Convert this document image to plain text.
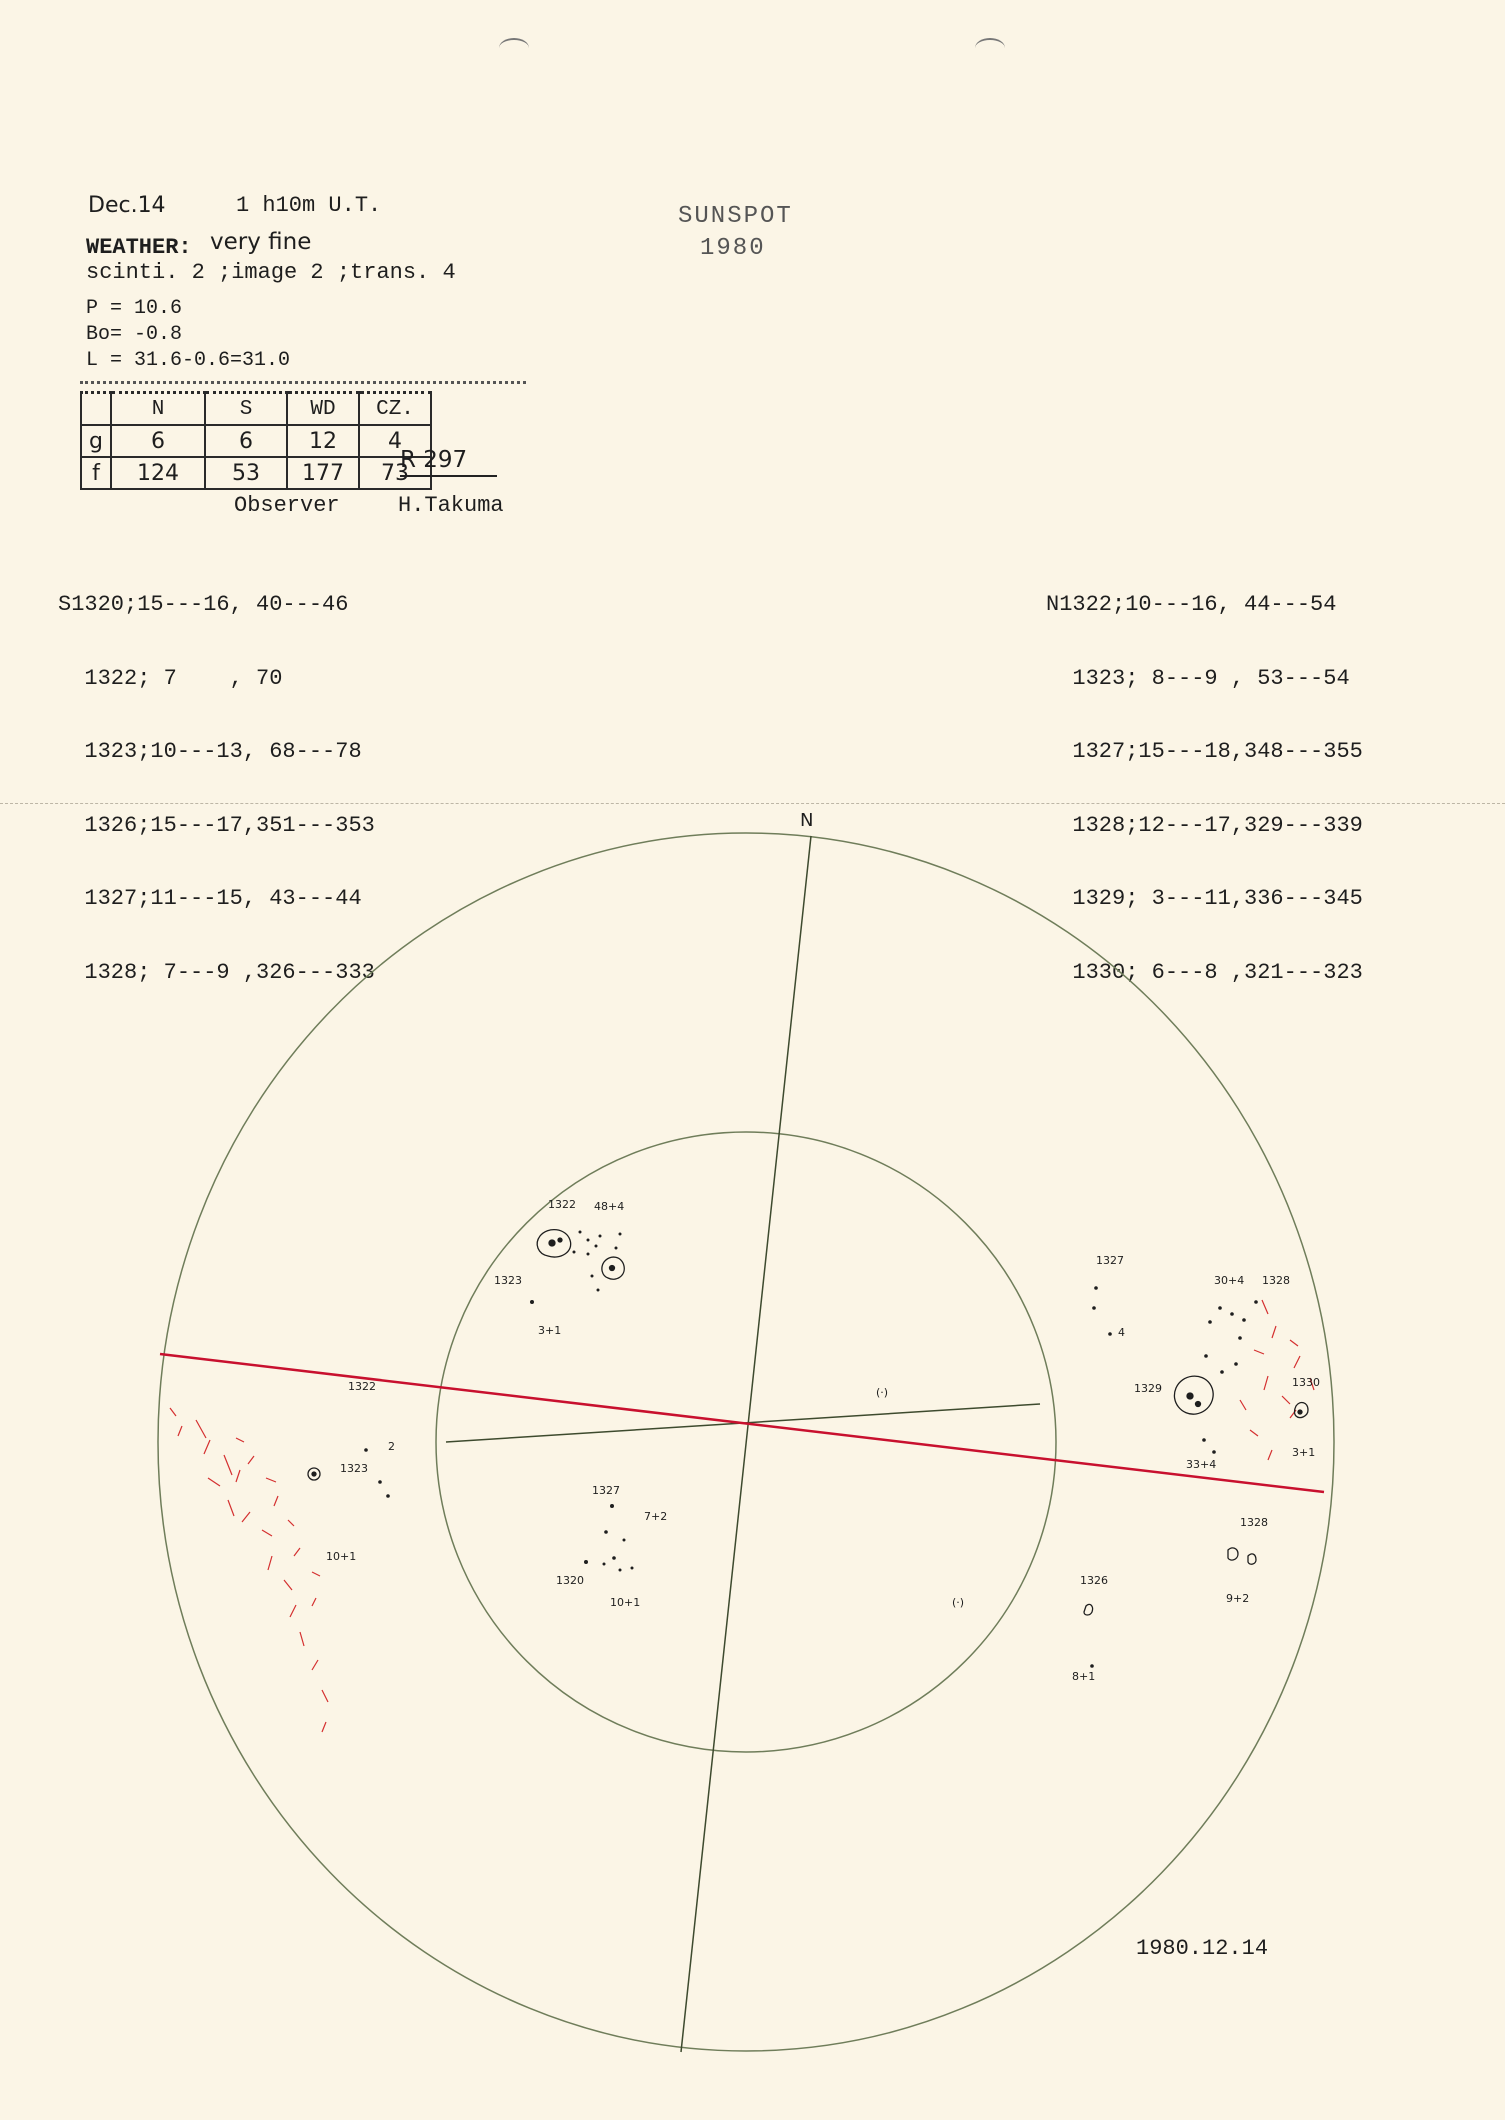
Dec.14	1 h10m U.T.	SUNSPOT
1980
WEATHER: very fine
scinti. 2 ;image 2 ;trans. 4
P = 10.6
Bo= -0.8
L = 31.6-0.6=31.0
	N	S	WD	CZ.
g	6	6	12	4
f	124	53	177	73
R 297
Observer	H.Takuma

S1320;15---16, 40---46

1322; 7    , 70

1323;10---13, 68---78

1326;15---17,351---353

1327;11---15, 43---44

1328; 7---9 ,326---333

N1322;10---16, 44---54

1323; 8---9 , 53---54

1327;15---18,348---355

1328;12---17,329---339

1329; 3---11,336---345

1330; 6---8 ,321---323

N
1322 48+4
1323
3+1
1327
4
1328
30+4
1329	1330
3+1
33+4
1322
2
1323
10+1
1327
7+2
1320
10+1
(·)
(·)
1328
9+2
1326
8+1
1980.12.14
